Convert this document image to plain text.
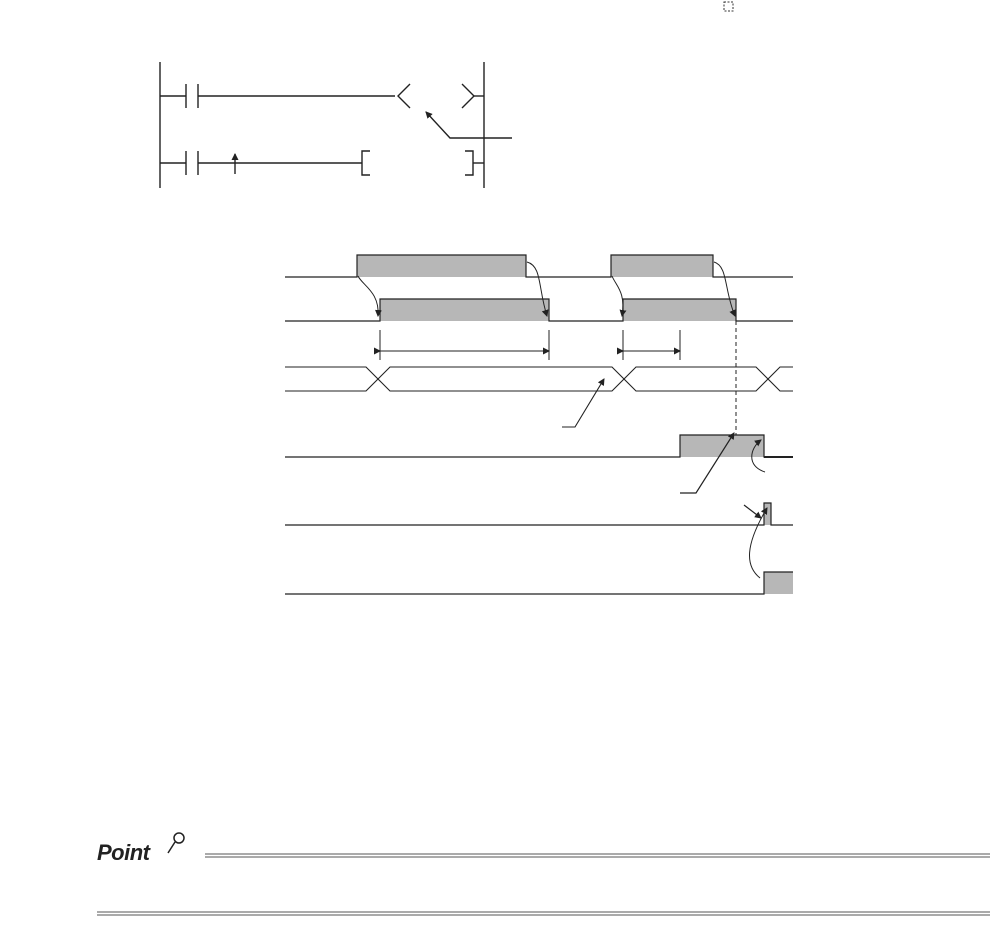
Point
